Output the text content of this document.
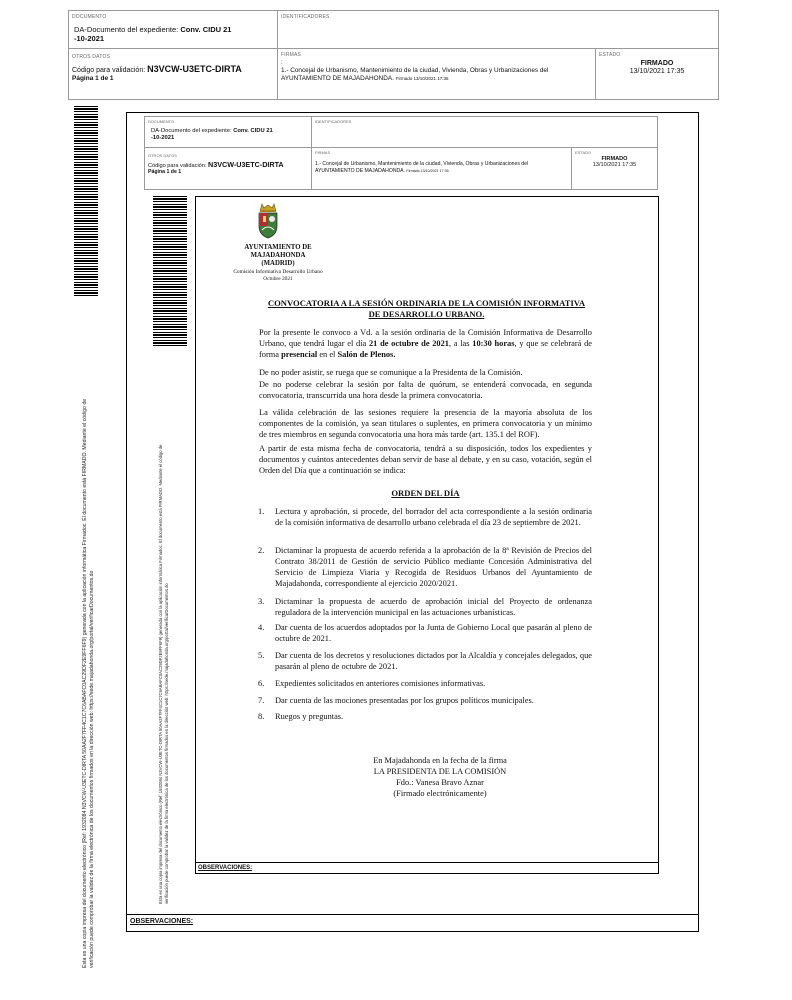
DOCUMENTO
DA-Documento del expediente: Conv. CIDU 21
-10-2021
IDENTIFICADORES
OTROS DATOS
Código para validación: N3VCW-U3ETC-DIRTA
Página 1 de 1
FIRMAS
:
1.- Concejal de Urbanismo, Mantenimiento de la ciudad, Vivienda, Obras y Urbanizaciones del
AYUNTAMIENTO DE MAJADAHONDA. Firmado 13/10/2021 17:35
ESTADO
FIRMADO
13/10/2021 17:35
Esta es una copia impresa del documento electrónico (Ref: 1932084 N3VCW-U3ETC-DIRTA 50AA2F7FF4C1C7C6ABAFC0AC29DF2E9FF6F9) generada con la aplicación informática Firmadoc. El documento está FIRMADO. Mediante el código de verificación puede comprobar la validez de la firma electrónica de los documentos firmados en la dirección web: https://sede.majadahonda.org/portal/verificarDocumentos.do	OBSERVACIONES:
DOCUMENTO
DA-Documento del expediente: Conv. CIDU 21
-10-2021
IDENTIFICADORES
OTROS DATOS
Código para validación: N3VCW-U3ETC-DIRTA
Página 1 de 1
FIRMAS
1.- Concejal de Urbanismo, Mantenimiento de la ciudad, Vivienda, Obras y Urbanizaciones del
AYUNTAMIENTO DE MAJADAHONDA. Firmado 13/10/2021 17:35
ESTADO
FIRMADO
13/10/2021 17:35
Esta es una copia impresa del documento electrónico (Ref: 1932084 N3VCW-U3ETC-DIRTA 50AA2F7FF4C1C7C6ABAFC0AC29DF2E9FF6F9) generada con la aplicación informática Firmadoc. El documento está FIRMADO. Mediante el código de verificación puede comprobar la validez de la firma electrónica de los documentos firmados en la dirección web: https://sede.majadahonda.org/portal/verificarDocumentos.do	OBSERVACIONES:
AYUNTAMIENTO DE
MAJADAHONDA
(MADRID)
Comisión Informativa Desarrollo Urbano
Octubre 2021
CONVOCATORIA A LA SESIÓN ORDINARIA DE LA COMISIÓN INFORMATIVA
DE DESARROLLO URBANO.
Por la presente le convoco a Vd. a la sesión ordinaria de la Comisión Informativa de Desarrollo Urbano, que tendrá lugar el día 21 de octubre de 2021, a las 10:30 horas, y que se celebrará de forma presencial en el Salón de Plenos.
De no poder asistir, se ruega que se comunique a la Presidenta de la Comisión.
De no poderse celebrar la sesión por falta de quórum, se entenderá convocada, en segunda convocatoria, transcurrida una hora desde la primera convocatoria.
La válida celebración de las sesiones requiere la presencia de la mayoría absoluta de los componentes de la comisión, ya sean titulares o suplentes, en primera convocatoria y un mínimo de tres miembros en segunda convocatoria una hora más tarde (art. 135.1 del ROF).
A partir de esta misma fecha de convocatoria, tendrá a su disposición, todos los expedientes y documentos y cuántos antecedentes deban servir de base al debate, y en su caso, votación, según el Orden del Día que a continuación se indica:
ORDEN DEL DÍA
1. Lectura y aprobación, si procede, del borrador del acta correspondiente a la sesión ordinaria de la comisión informativa de desarrollo urbano celebrada el día 23 de septiembre de 2021.
2. Dictaminar la propuesta de acuerdo referida a la aprobación de la 8ª Revisión de Precios del Contrato 38/2011 de Gestión de servicio Público mediante Concesión Administrativa del Servicio de Limpieza Viaria y Recogida de Residuos Urbanos del Ayuntamiento de Majadahonda, correspondiente al ejercicio 2020/2021.
3. Dictaminar la propuesta de acuerdo de aprobación inicial del Proyecto de ordenanza reguladora de la intervención municipal en las actuaciones urbanísticas.
4. Dar cuenta de los acuerdos adoptados por la Junta de Gobierno Local que pasarán al pleno de octubre de 2021.
5. Dar cuenta de los decretos y resoluciones dictados por la Alcaldía y concejales delegados, que pasarán al pleno de octubre de 2021.
6. Expedientes solicitados en anteriores comisiones informativas.
7. Dar cuenta de las mociones presentadas por los grupos políticos municipales.
8. Ruegos y preguntas.
En Majadahonda en la fecha de la firma
LA PRESIDENTA DE LA COMISIÓN
Fdo.: Vanesa Bravo Aznar
(Firmado electrónicamente)
